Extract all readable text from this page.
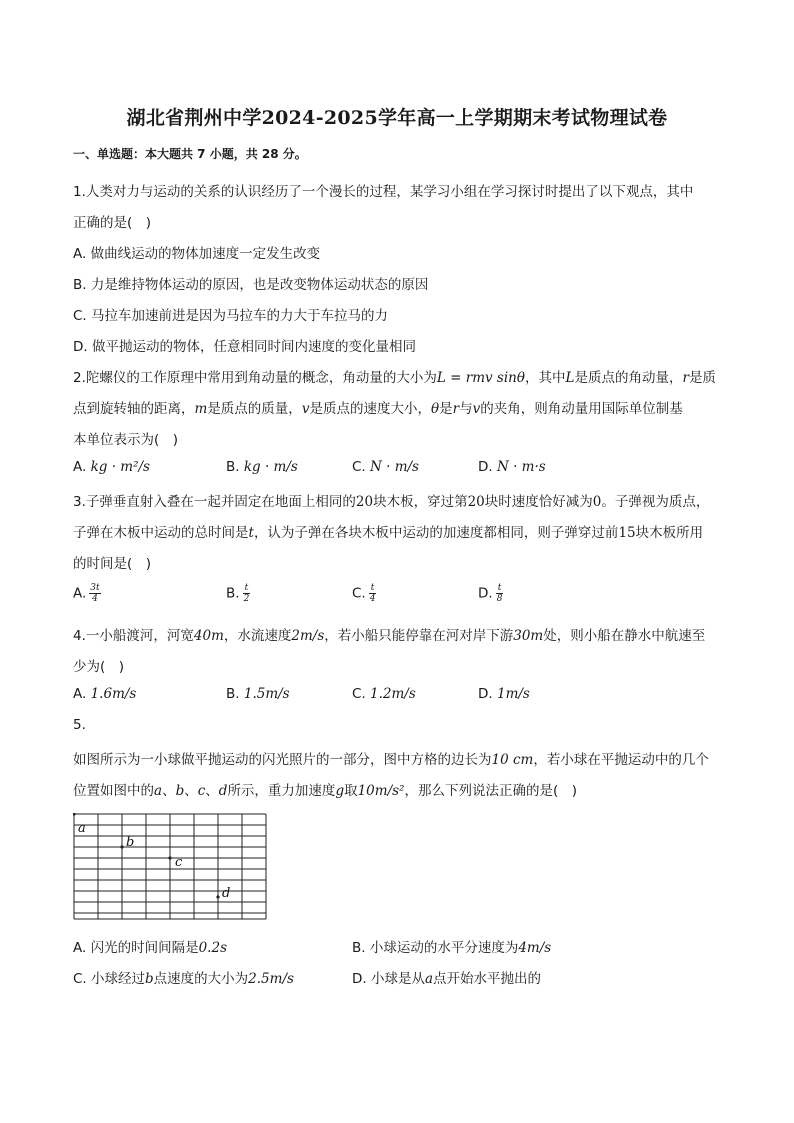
湖北省荆州中学2024-2025学年高一上学期期末考试物理试卷
一、单选题：本大题共 7 小题，共 28 分。
1.人类对力与运动的关系的认识经历了一个漫长的过程，某学习小组在学习探讨时提出了以下观点，其中
正确的是(　)
A. 做曲线运动的物体加速度一定发生改变
B. 力是维持物体运动的原因，也是改变物体运动状态的原因
C. 马拉车加速前进是因为马拉车的力大于车拉马的力
D. 做平抛运动的物体，任意相同时间内速度的变化量相同
2.陀螺仪的工作原理中常用到角动量的概念，角动量的大小为L = rmv sinθ，其中L是质点的角动量，r是质
点到旋转轴的距离，m是质点的质量，v是质点的速度大小，θ是r与v的夹角，则角动量用国际单位制基
本单位表示为(　)
A. kg · m²/s	B. kg · m/s	C. N · m/s	D. N · m·s
3.子弹垂直射入叠在一起并固定在地面上相同的20块木板，穿过第20块时速度恰好减为0。子弹视为质点，
子弹在木板中运动的总时间是t，认为子弹在各块木板中运动的加速度都相同，则子弹穿过前15块木板所用
的时间是(　)
A. $\frac{3t}{4}$	B. $\frac{t}{2}$	C. $\frac{t}{4}$	D. $\frac{t}{8}$
4.一小船渡河，河宽40m，水流速度2m/s，若小船只能停靠在河对岸下游30m处，则小船在静水中航速至
少为(　)
A. 1.6m/s	B. 1.5m/s	C. 1.2m/s	D. 1m/s
5.
如图所示为一小球做平抛运动的闪光照片的一部分，图中方格的边长为10 cm，若小球在平抛运动中的几个
位置如图中的a、b、c、d所示，重力加速度g取10m/s²，那么下列说法正确的是(　)
a
b
c
d
A. 闪光的时间间隔是0.2s	B. 小球运动的水平分速度为4m/s
C. 小球经过b点速度的大小为2.5m/s	D. 小球是从a点开始水平抛出的
